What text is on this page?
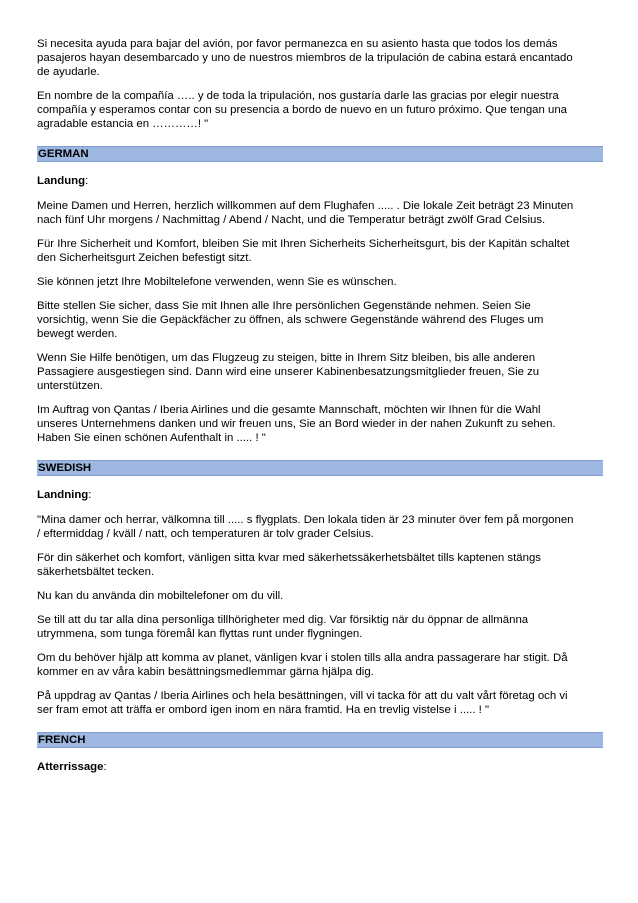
Si necesita ayuda para bajar del avión, por favor permanezca en su asiento hasta que todos los demás
pasajeros hayan desembarcado y uno de nuestros miembros de la tripulación de cabina estará encantado
de ayudarle.

En nombre de la compañía ….. y de toda la tripulación, nos gustaría darle las gracias por elegir nuestra
compañía y esperamos contar con su presencia a bordo de nuevo en un futuro próximo. Que tengan una
agradable estancia en …………! "

GERMAN
Landung:

Meine Damen und Herren, herzlich willkommen auf dem Flughafen ..... . Die lokale Zeit beträgt 23 Minuten
nach fünf Uhr morgens / Nachmittag / Abend / Nacht, und die Temperatur beträgt zwölf Grad Celsius.

Für Ihre Sicherheit und Komfort, bleiben Sie mit Ihren Sicherheits Sicherheitsgurt, bis der Kapitän schaltet
den Sicherheitsgurt Zeichen befestigt sitzt.

Sie können jetzt Ihre Mobiltelefone verwenden, wenn Sie es wünschen.

Bitte stellen Sie sicher, dass Sie mit Ihnen alle Ihre persönlichen Gegenstände nehmen. Seien Sie
vorsichtig, wenn Sie die Gepäckfächer zu öffnen, als schwere Gegenstände während des Fluges um
bewegt werden.

Wenn Sie Hilfe benötigen, um das Flugzeug zu steigen, bitte in Ihrem Sitz bleiben, bis alle anderen
Passagiere ausgestiegen sind. Dann wird eine unserer Kabinenbesatzungsmitglieder freuen, Sie zu
unterstützen.

Im Auftrag von Qantas / Iberia Airlines und die gesamte Mannschaft, möchten wir Ihnen für die Wahl
unseres Unternehmens danken und wir freuen uns, Sie an Bord wieder in der nahen Zukunft zu sehen.
Haben Sie einen schönen Aufenthalt in ..... ! "

SWEDISH
Landning:

"Mina damer och herrar, välkomna till ..... s flygplats. Den lokala tiden är 23 minuter över fem på morgonen
/ eftermiddag / kväll / natt, och temperaturen är tolv grader Celsius.

För din säkerhet och komfort, vänligen sitta kvar med säkerhetssäkerhetsbältet tills kaptenen stängs
säkerhetsbältet tecken.

Nu kan du använda din mobiltelefoner om du vill.

Se till att du tar alla dina personliga tillhörigheter med dig. Var försiktig när du öppnar de allmänna
utrymmena, som tunga föremål kan flyttas runt under flygningen.

Om du behöver hjälp att komma av planet, vänligen kvar i stolen tills alla andra passagerare har stigit. Då
kommer en av våra kabin besättningsmedlemmar gärna hjälpa dig.

På uppdrag av Qantas / Iberia Airlines och hela besättningen, vill vi tacka för att du valt vårt företag och vi
ser fram emot att träffa er ombord igen inom en nära framtid. Ha en trevlig vistelse i ..... ! "

FRENCH
Atterrissage:
